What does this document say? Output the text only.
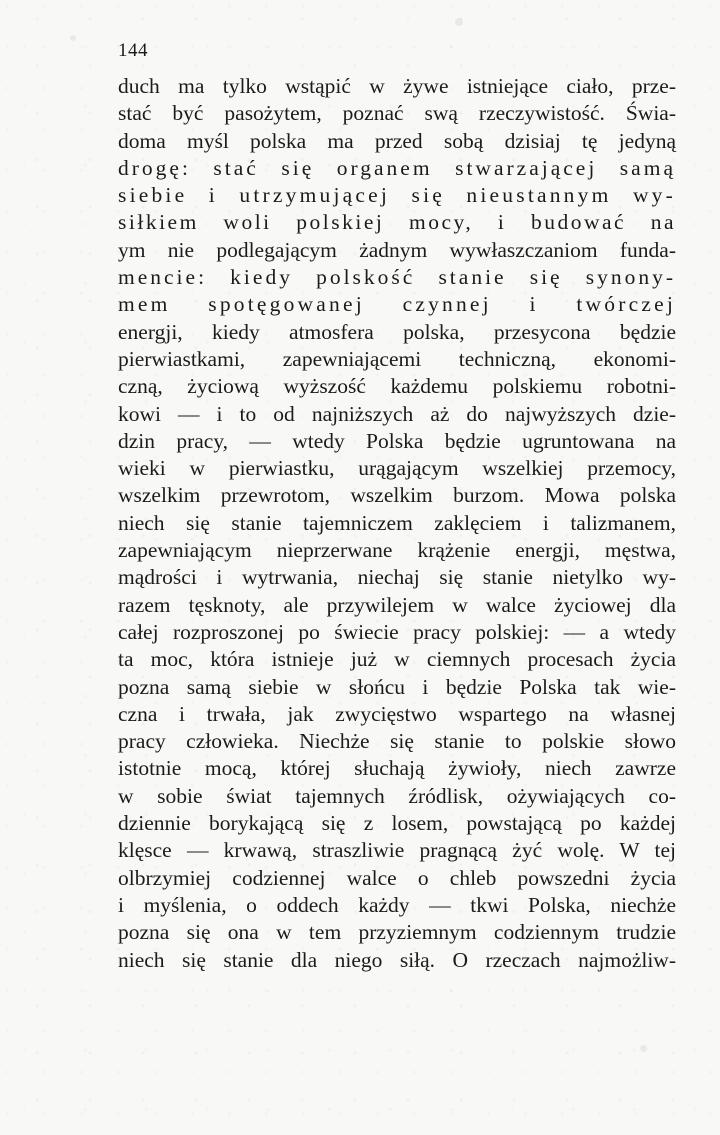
144
duch ma tylko wstąpić w żywe istniejące ciało, prze-
stać być pasożytem, poznać swą rzeczywistość. Świa-
doma myśl polska ma przed sobą dzisiaj tę jedyną
drogę: stać się organem stwarzającej samą
siebie i utrzymującej się nieustannym wy-
siłkiem woli polskiej mocy, i budować na
ym nie podlegającym żadnym wywłaszczaniom funda-
mencie: kiedy polskość stanie się synony-
mem spotęgowanej czynnej i twórczej
energji, kiedy atmosfera polska, przesycona będzie
pierwiastkami, zapewniającemi techniczną, ekonomi-
czną, życiową wyższość każdemu polskiemu robotni-
kowi — i to od najniższych aż do najwyższych dzie-
dzin pracy, — wtedy Polska będzie ugruntowana na
wieki w pierwiastku, urągającym wszelkiej przemocy,
wszelkim przewrotom, wszelkim burzom. Mowa polska
niech się stanie tajemniczem zaklęciem i talizmanem,
zapewniającym nieprzerwane krążenie energji, męstwa,
mądrości i wytrwania, niechaj się stanie nietylko wy-
razem tęsknoty, ale przywilejem w walce życiowej dla
całej rozproszonej po świecie pracy polskiej: — a wtedy
ta moc, która istnieje już w ciemnych procesach życia
pozna samą siebie w słońcu i będzie Polska tak wie-
czna i trwała, jak zwycięstwo wspartego na własnej
pracy człowieka. Niechże się stanie to polskie słowo
istotnie mocą, której słuchają żywioły, niech zawrze
w sobie świat tajemnych źródlisk, ożywiających co-
dziennie borykającą się z losem, powstającą po każdej
klęsce — krwawą, straszliwie pragnącą żyć wolę. W tej
olbrzymiej codziennej walce o chleb powszedni życia
i myślenia, o oddech każdy — tkwi Polska, niechże
pozna się ona w tem przyziemnym codziennym trudzie
niech się stanie dla niego siłą. O rzeczach najmożliw-
